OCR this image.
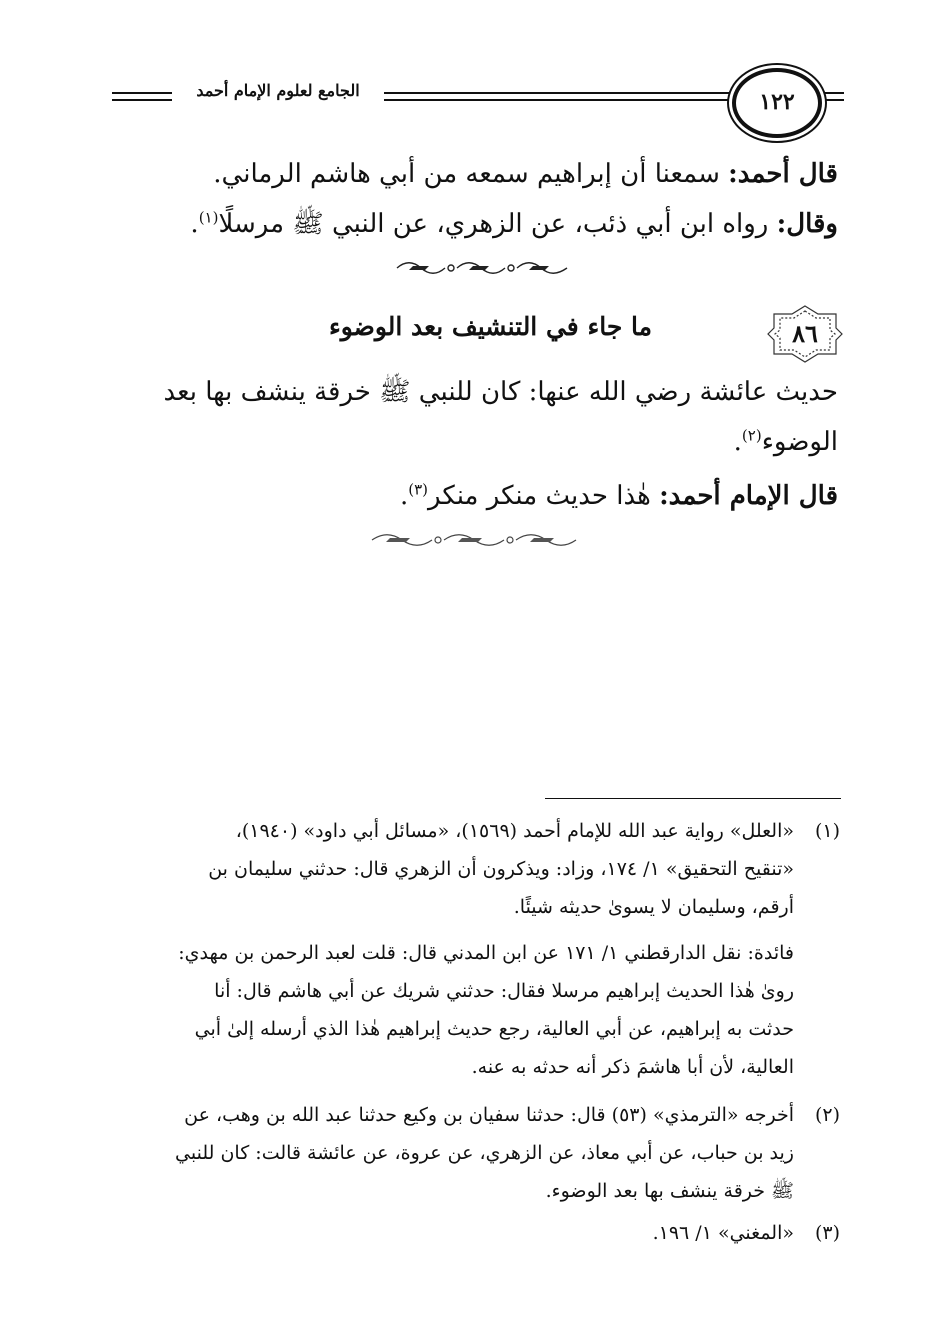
الجامع لعلوم الإمام أحمد	١٢٢
قال أحمد: سمعنا أن إبراهيم سمعه من أبي هاشم الرماني.
وقال: رواه ابن أبي ذئب، عن الزهري، عن النبي ﷺ مرسلًا$^{(١)}$.
ما جاء في التنشيف بعد الوضوء	٨٦
حديث عائشة رضي الله عنها: كان للنبي ﷺ خرقة ينشف بها بعد
الوضوء$^{(٢)}$.
قال الإمام أحمد: هٰذا حديث منكر منكر$^{(٣)}$.
(١)
«العلل» رواية عبد الله للإمام أحمد (١٥٦٩)، «مسائل أبي داود» (١٩٤٠)،
«تنقيح التحقيق» ١/ ١٧٤، وزاد: ويذكرون أن الزهري قال: حدثني سليمان بن
أرقم، وسليمان لا يسوىٰ حديثه شيئًا.
فائدة: نقل الدارقطني ١/ ١٧١ عن ابن المدني قال: قلت لعبد الرحمن بن مهدي:
روىٰ هٰذا الحديث إبراهيم مرسلا فقال: حدثني شريك عن أبي هاشم قال: أنا
حدثت به إبراهيم، عن أبي العالية، رجع حديث إبراهيم هٰذا الذي أرسله إلىٰ أبي
العالية، لأن أبا هاشمَ ذكر أنه حدثه به عنه.
(٢)
أخرجه «الترمذي» (٥٣) قال: حدثنا سفيان بن وكيع حدثنا عبد الله بن وهب، عن
زيد بن حباب، عن أبي معاذ، عن الزهري، عن عروة، عن عائشة قالت: كان للنبي
ﷺ خرقة ينشف بها بعد الوضوء.
(٣)
«المغني» ١/ ١٩٦.
